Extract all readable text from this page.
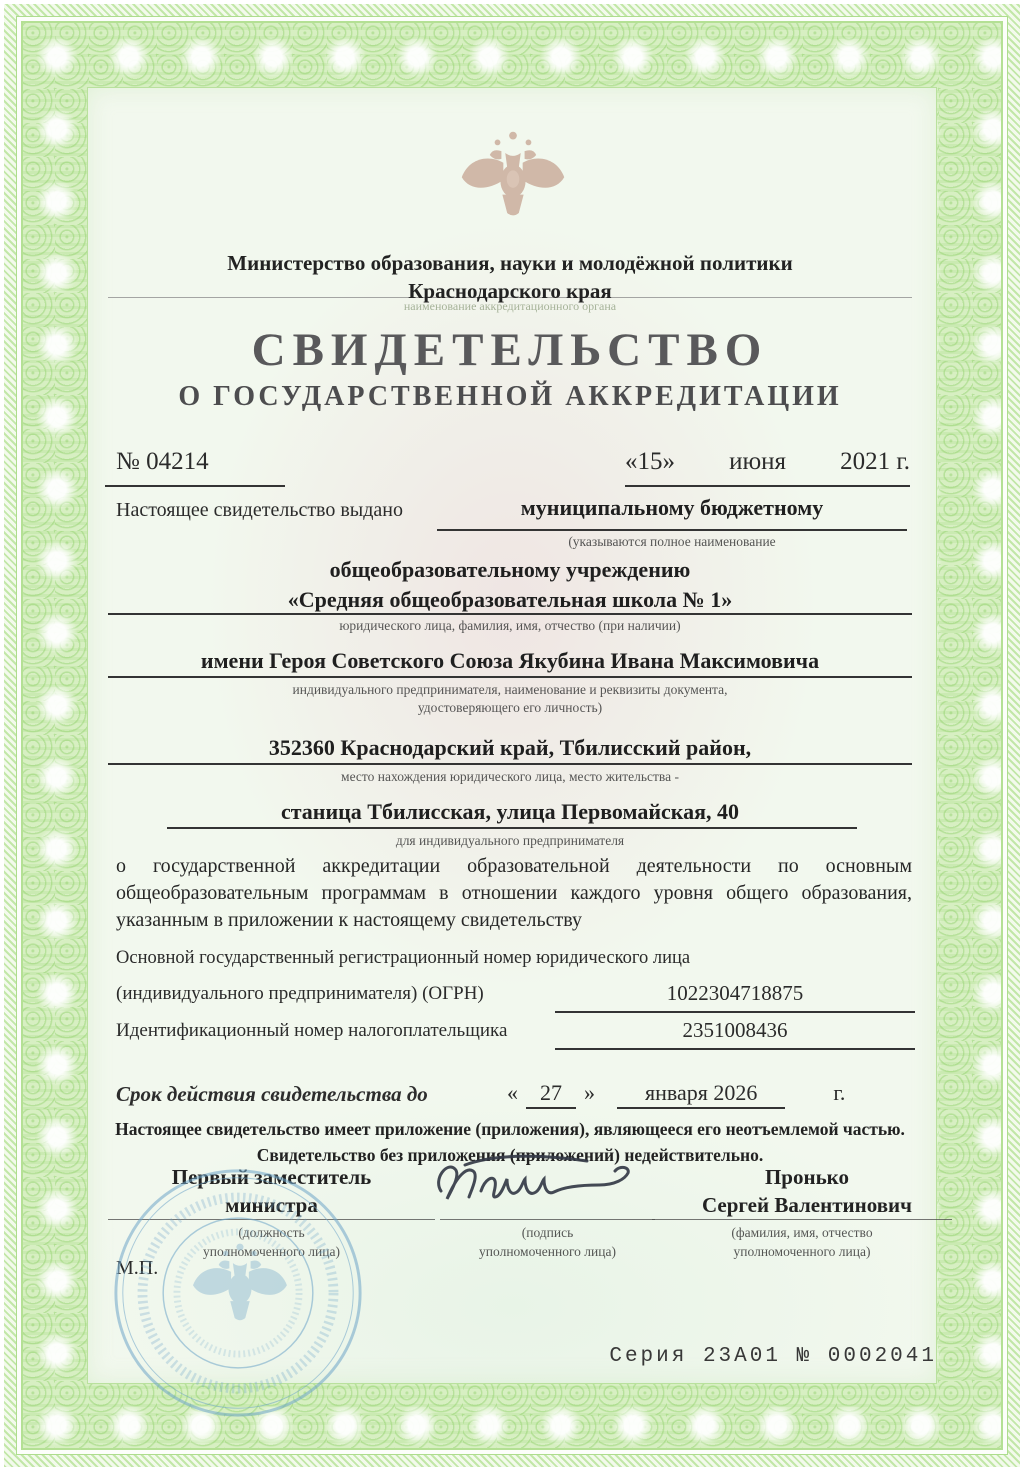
Министерство образования, науки и молодёжной политики
Краснодарского края
наименование аккредитационного органа
СВИДЕТЕЛЬСТВО
О ГОСУДАРСТВЕННОЙ АККРЕДИТАЦИИ
№ 04214	«15» июня 2021 г.
Настоящее свидетельство выдано	муниципальному бюджетному
(указываются полное наименование
общеобразовательному учреждению
«Средняя общеобразовательная школа № 1»
юридического лица, фамилия, имя, отчество (при наличии)
имени Героя Советского Союза Якубина Ивана Максимовича
индивидуального предпринимателя, наименование и реквизиты документа,
удостоверяющего его личность)
352360 Краснодарский край, Тбилисский район,
место нахождения юридического лица, место жительства -
станица Тбилисская, улица Первомайская, 40
для индивидуального предпринимателя
о государственной аккредитации образовательной деятельности по основным общеобразовательным программам в отношении каждого уровня общего образования, указанным в приложении к настоящему свидетельству
Основной государственный регистрационный номер юридического лица
(индивидуального предпринимателя) (ОГРН)	1022304718875
Идентификационный номер налогоплательщика	2351008436
Срок действия свидетельства до	«	27	»	января 2026	г.
Настоящее свидетельство имеет приложение (приложения), являющееся его неотъемлемой частью.
Свидетельство без приложения (приложений) недействительно.
Первый заместитель
министра
(должность
уполномоченного лица)
(подпись
уполномоченного лица)
Пронько
Сергей Валентинович
(фамилия, имя, отчество
уполномоченного лица)
М.П.
Серия 23А01 № 0002041
